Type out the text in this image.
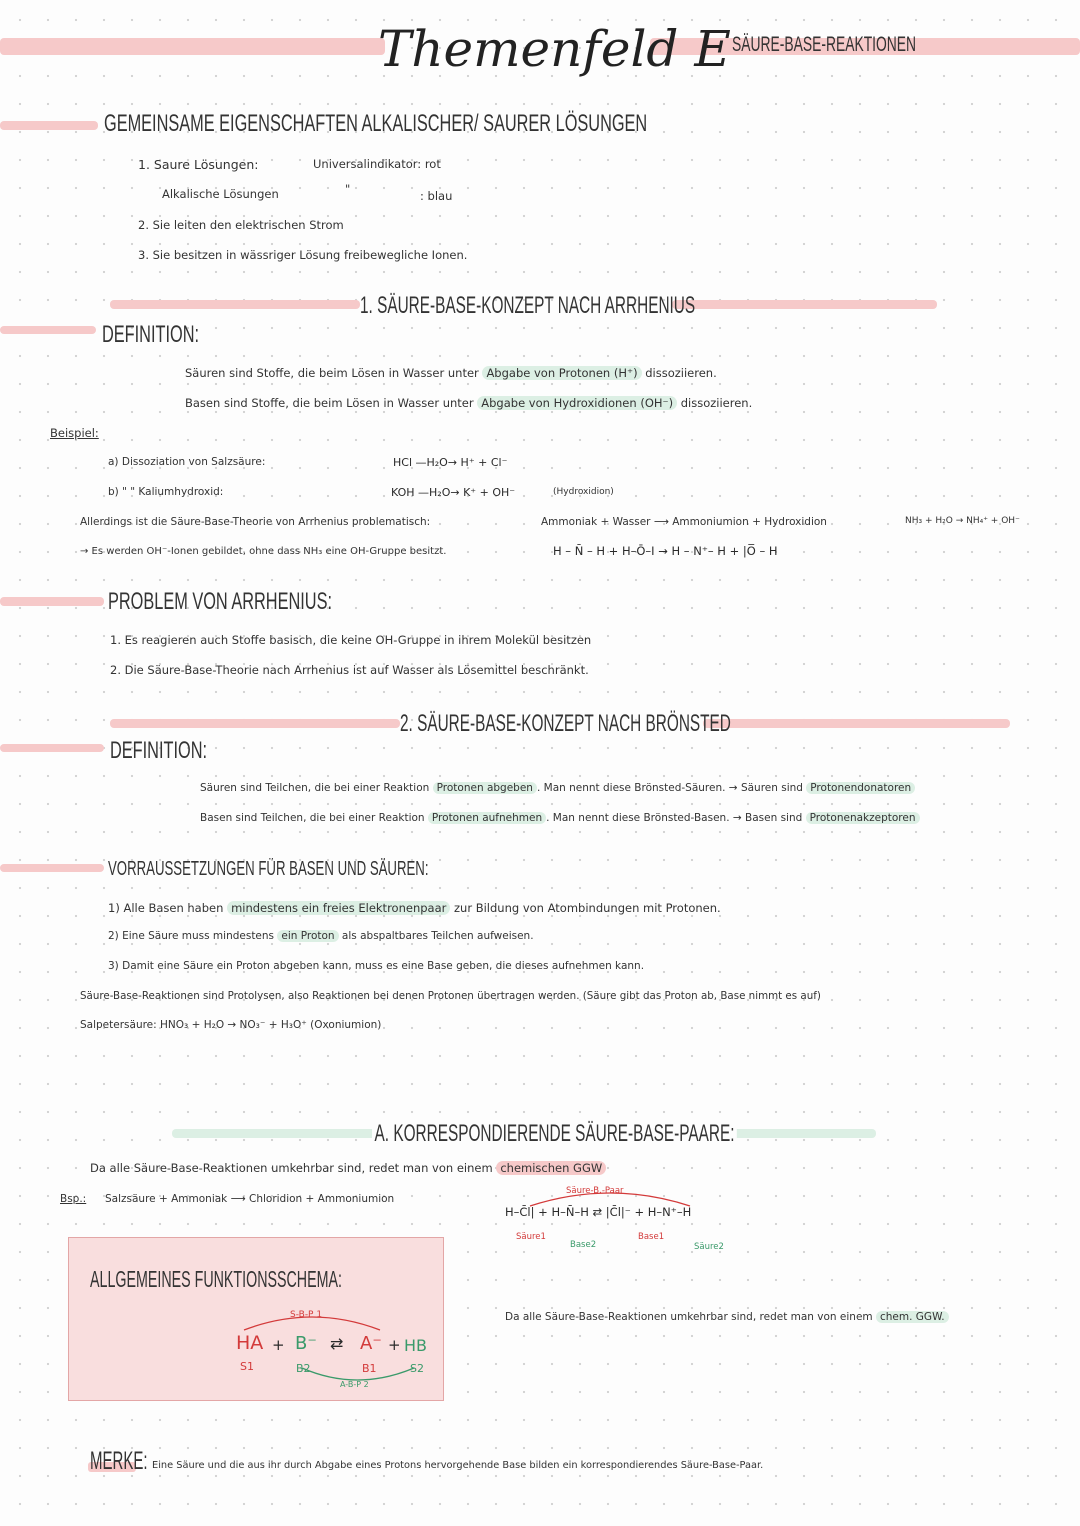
Themenfeld E SÄURE-BASE-REAKTIONEN
GEMEINSAME EIGENSCHAFTEN ALKALISCHER/ SAURER LÖSUNGEN
1. Saure Lösungen:	Universalindikator: rot
Alkalische Lösungen	"	: blau
2. Sie leiten den elektrischen Strom
3. Sie besitzen in wässriger Lösung freibewegliche Ionen.
1. SÄURE-BASE-KONZEPT NACH ARRHENIUS
DEFINITION:
Säuren sind Stoffe, die beim Lösen in Wasser unter Abgabe von Protonen (H⁺) dissoziieren.
Basen sind Stoffe, die beim Lösen in Wasser unter Abgabe von Hydroxidionen (OH⁻) dissoziieren.
Beispiel:
a) Dissoziation von Salzsäure:	HCl —H₂O→ H⁺ + Cl⁻
b) " " Kaliumhydroxid:	KOH —H₂O→ K⁺ + OH⁻	(Hydroxidion)
Allerdings ist die Säure-Base-Theorie von Arrhenius problematisch:	Ammoniak + Wasser ⟶ Ammoniumion + Hydroxidion	NH₃ + H₂O → NH₄⁺ + OH⁻
→ Es werden OH⁻-Ionen gebildet, ohne dass NH₃ eine OH-Gruppe besitzt.	H – N̄ – H + H–Ō–I → H – N⁺– H + |O̅ – H
PROBLEM VON ARRHENIUS:
1. Es reagieren auch Stoffe basisch, die keine OH-Gruppe in ihrem Molekül besitzen
2. Die Säure-Base-Theorie nach Arrhenius ist auf Wasser als Lösemittel beschränkt.
2. SÄURE-BASE-KONZEPT NACH BRÖNSTED
DEFINITION:
Säuren sind Teilchen, die bei einer Reaktion Protonen abgeben . Man nennt diese Brönsted-Säuren. → Säuren sind Protonendonatoren
Basen sind Teilchen, die bei einer Reaktion Protonen aufnehmen . Man nennt diese Brönsted-Basen. → Basen sind Protonenakzeptoren
VORRAUSSETZUNGEN FÜR BASEN UND SÄUREN:
1) Alle Basen haben mindestens ein freies Elektronenpaar zur Bildung von Atombindungen mit Protonen.
2) Eine Säure muss mindestens ein Proton als abspaltbares Teilchen aufweisen.
3) Damit eine Säure ein Proton abgeben kann, muss es eine Base geben, die dieses aufnehmen kann.
Säure-Base-Reaktionen sind Protolysen, also Reaktionen bei denen Protonen übertragen werden. (Säure gibt das Proton ab, Base nimmt es auf)
Salpetersäure: HNO₃ + H₂O → NO₃⁻ + H₃O⁺ (Oxoniumion)
A. KORRESPONDIERENDE SÄURE-BASE-PAARE:
Da alle Säure-Base-Reaktionen umkehrbar sind, redet man von einem chemischen GGW
Bsp.: Salzsäure + Ammoniak ⟶ Chloridion + Ammoniumion
Säure-B.-Paar
H–C̄l| + H–N̄–H ⇄ |C̄l|⁻ + H–N⁺–H
Säure1
Base2
Base1
Säure2
ALLGEMEINES FUNKTIONSSCHEMA:
S-B-P 1
A-B-P 2
HA + B⁻ ⇄ A⁻ + HB
S1	B2	B1	S2
Da alle Säure-Base-Reaktionen umkehrbar sind, redet man von einem chem. GGW.
MERKE: Eine Säure und die aus ihr durch Abgabe eines Protons hervorgehende Base bilden ein korrespondierendes Säure-Base-Paar.
